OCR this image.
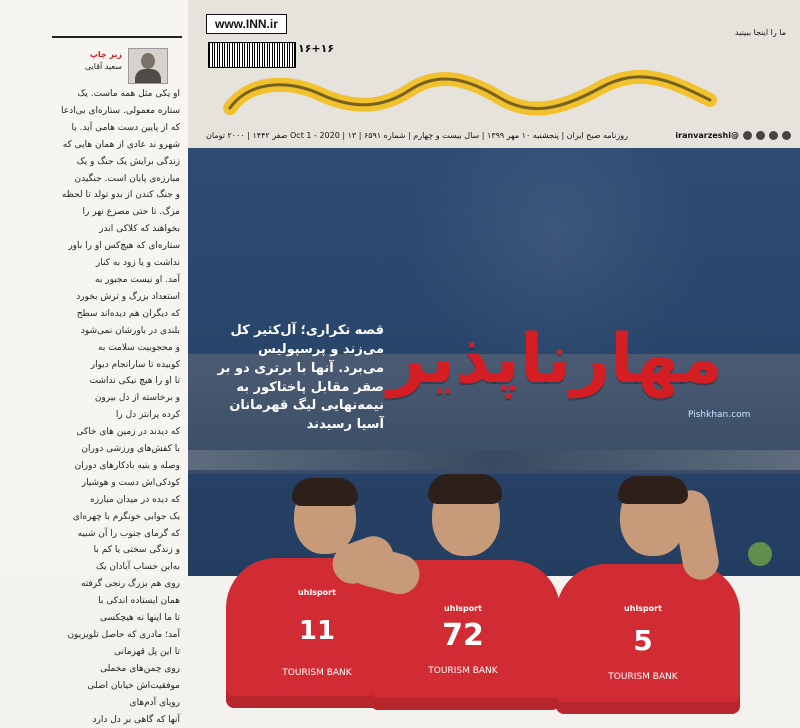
زیر چاپ
سعید آقایی

او یکی مثل همه ماست. یک

ستاره معمولی. ستاره‌ای بی‌ادعا

که از پایین دست هامی آید. با

شهرو ند عادی از همان هایی که

زندگی برایش یک جنگ و یک

مبارزه‌ی پایان است. جنگیدن

و جنگ کندن از بدو تولد تا لحظه

مرگ. تا حتی مصرع نهر را

بخواهند که کلاکی اندر

ستاره‌ای که هیچ‌کس او را باور

نداشت و یا زود به کنار

آمد. او نیست مجبور به

استعداد بزرگ و ترش بخورد

که دیگران هم دیده‌اند سطح

بلندی در باورشان نمی‌شود

و محجوبیت سلامت به

کوبیده تا سارانجام دیوار

تا او را هیچ نیکی نداشت

و برخاسته از دل بیرون

کرده پرانتز دل را

که دیدند در زمین های خاکی

با کفش‌های ورزشی دوران

وصله و بنیه بادکارهای دوران

کودکی‌اش دست و هوشیار

که دیده در میدان مبارزه

یک جوابی خونگرم با چهره‌ای

که گرمای جنوب را آن شبیه

و زندگی سختی یا کم با

به‌این حساب آبادان یک

روی هم بزرگ رنجی گرفته

همان ایستاده اندکی با

تا ما اینها نه هیچکسی

آمد؛ مادری که حاصل تلویزیون

تا این پل قهرمانی

روی چمن‌های مخملی

موفقیت‌اش خیابان اصلی

رویای آدم‌های

آنها که گاهی بر دل دارد

www.INN.ir
ما را اینجا ببینید
۱۶+۱۶
@iranvarzeshi
روزنامه صبح ایران | پنجشنبه ۱۰ مهر ۱۳۹۹ | سال بیست و چهارم | شماره ۶۵۹۱ | Oct 1 - 2020 | ۱۳ صفر ۱۴۴۲ | ۲۰۰۰ تومان
مهارناپذیر
قصه تکراری؛ آل‌کثیر کل می‌زند و پرسپولیس می‌برد. آنها با برتری دو بر صفر مقابل پاختاکور به نیمه‌نهایی لیگ قهرمانان آسیا رسیدند
Pishkhan.com
uhlsport
11
TOURISM BANK
uhlsport
72
TOURISM BANK
uhlsport
5
TOURISM BANK
